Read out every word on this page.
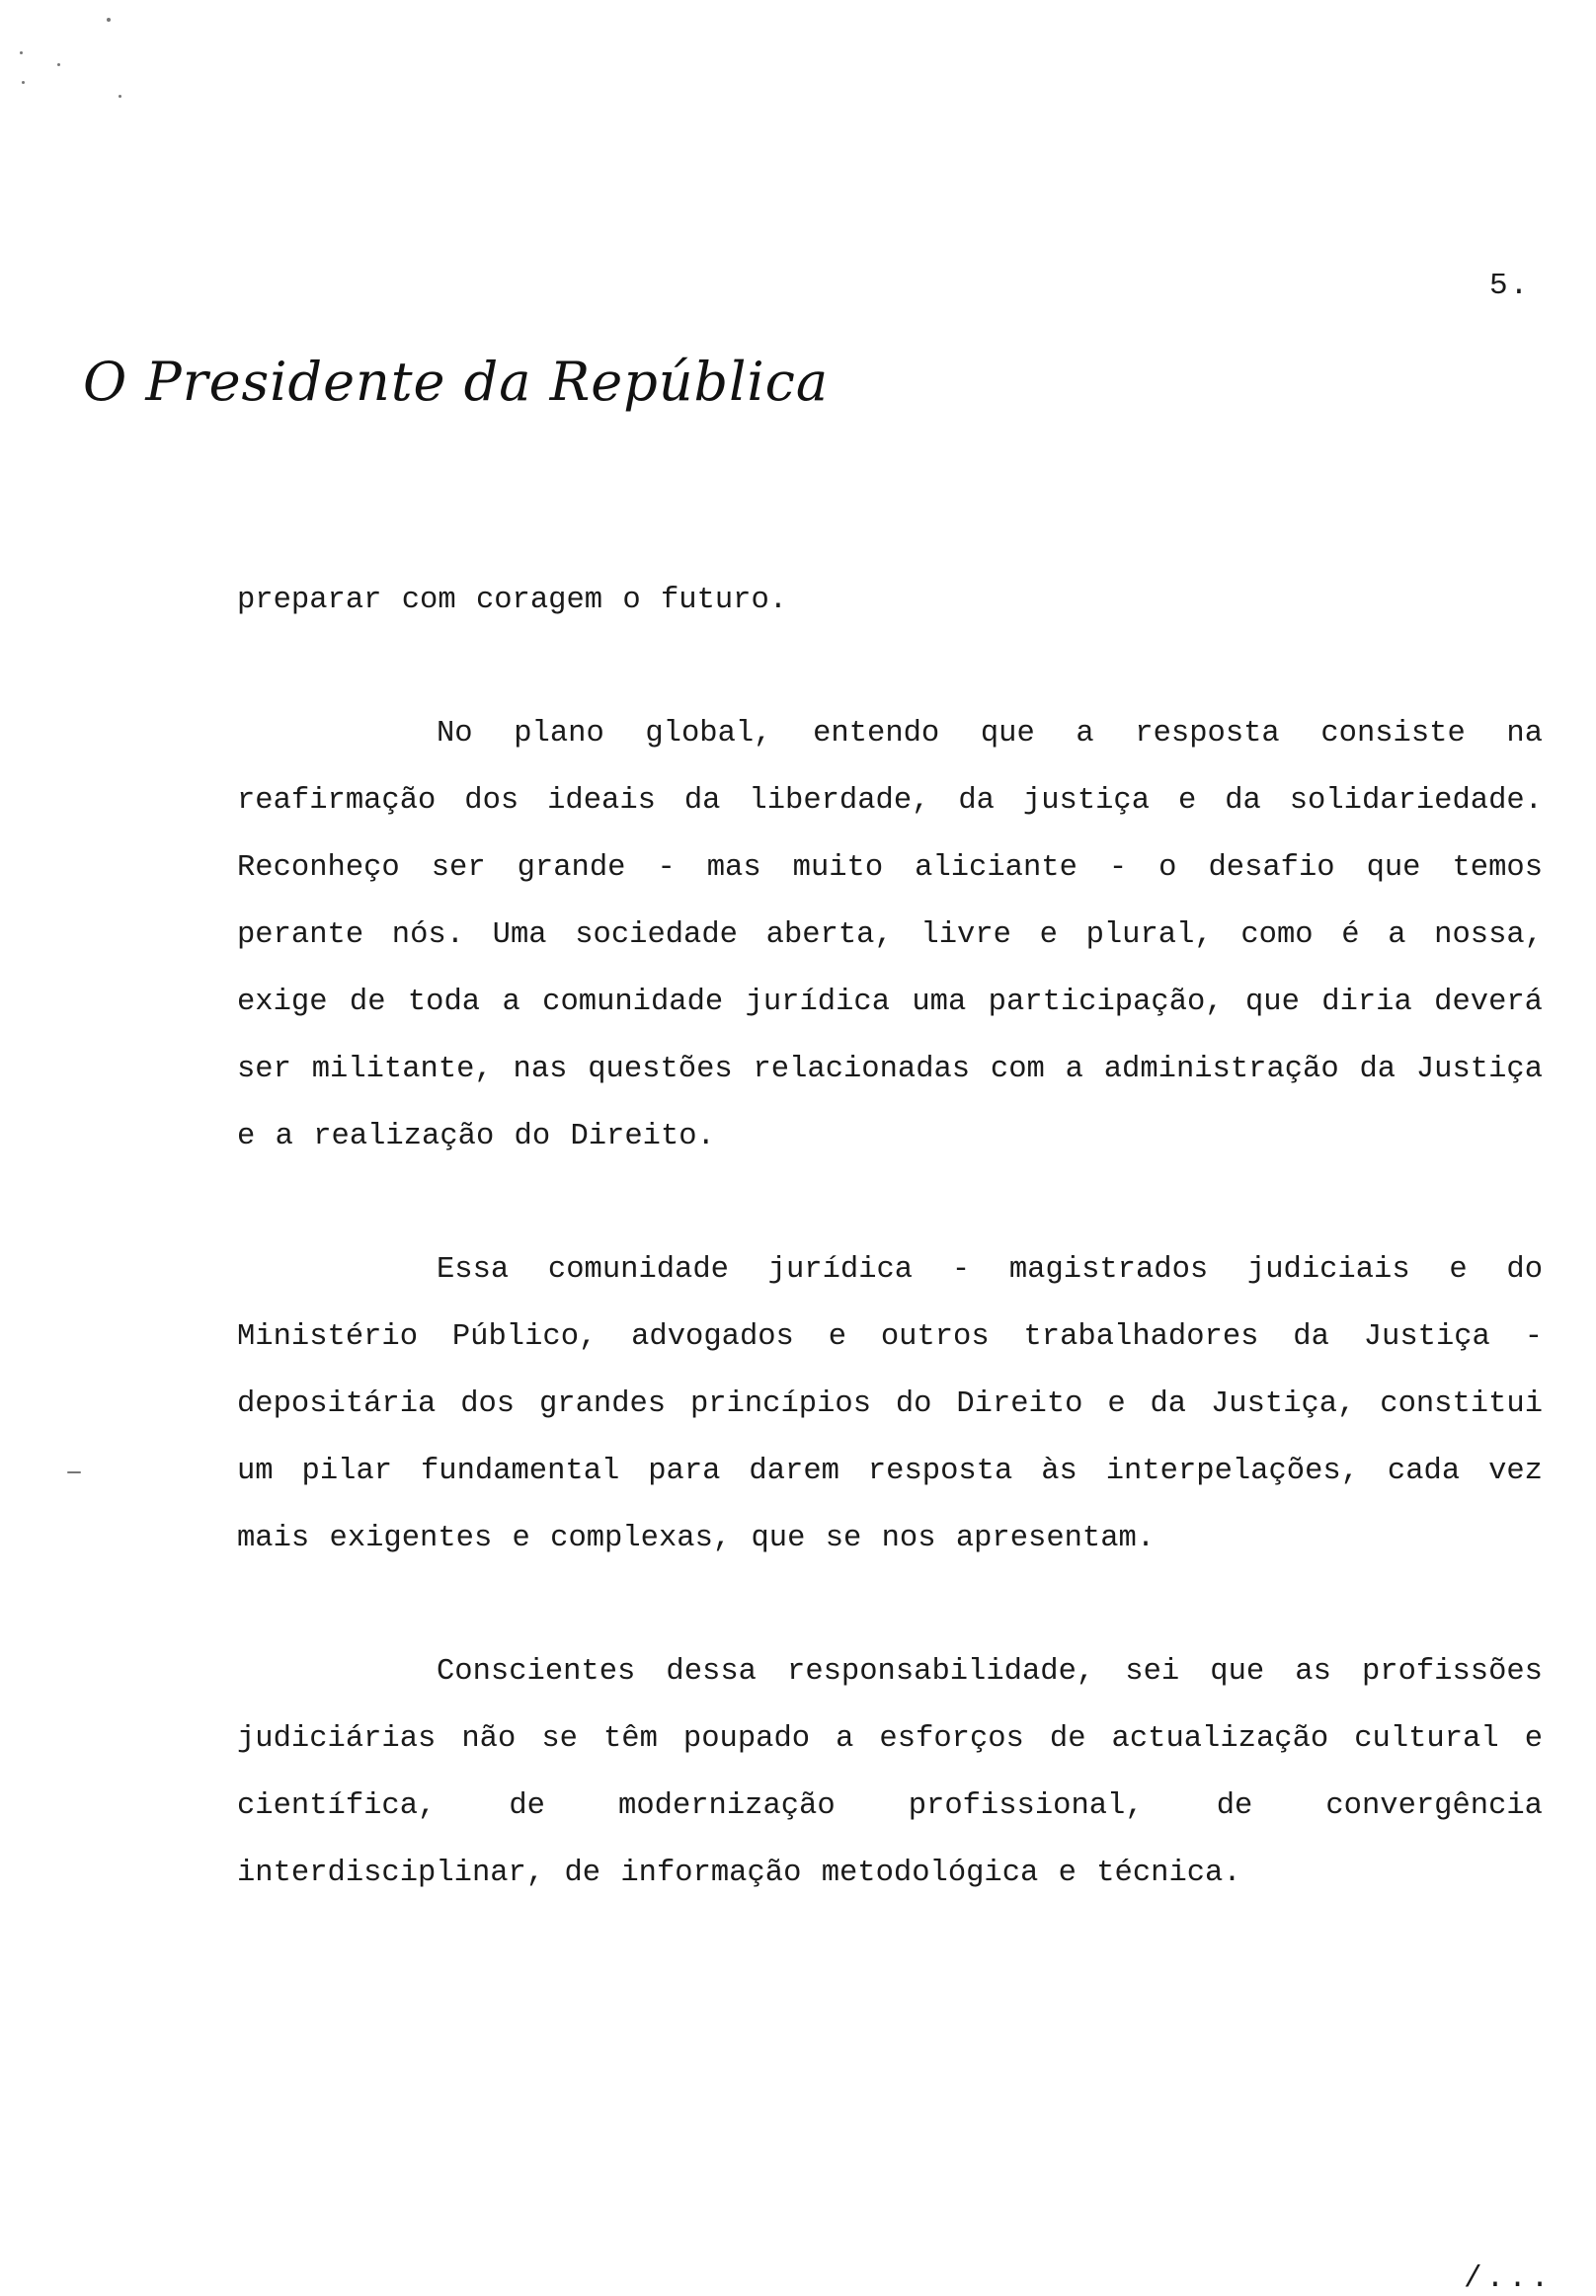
5.
O Presidente da República

preparar com coragem o futuro.

No plano global, entendo que a resposta consiste na reafirmação dos ideais da liberdade, da justiça e da solidariedade. Reconheço ser grande - mas muito aliciante - o desafio que temos perante nós. Uma sociedade aberta, livre e plural, como é a nossa, exige de toda a comunidade jurídica uma participação, que diria deverá ser militante, nas questões relacionadas com a administração da Justiça e a realização do Direito.

Essa comunidade jurídica - magistrados judiciais e do Ministério Público, advogados e outros trabalhadores da Justiça - depositária dos grandes princípios do Direito e da Justiça, constitui um pilar fundamental para darem resposta às interpelações, cada vez mais exigentes e complexas, que se nos apresentam.

Conscientes dessa responsabilidade, sei que as profissões judiciárias não se têm poupado a esforços de actualização cultural e científica, de modernização profissional, de convergência interdisciplinar, de informação metodológica e técnica.

/...
